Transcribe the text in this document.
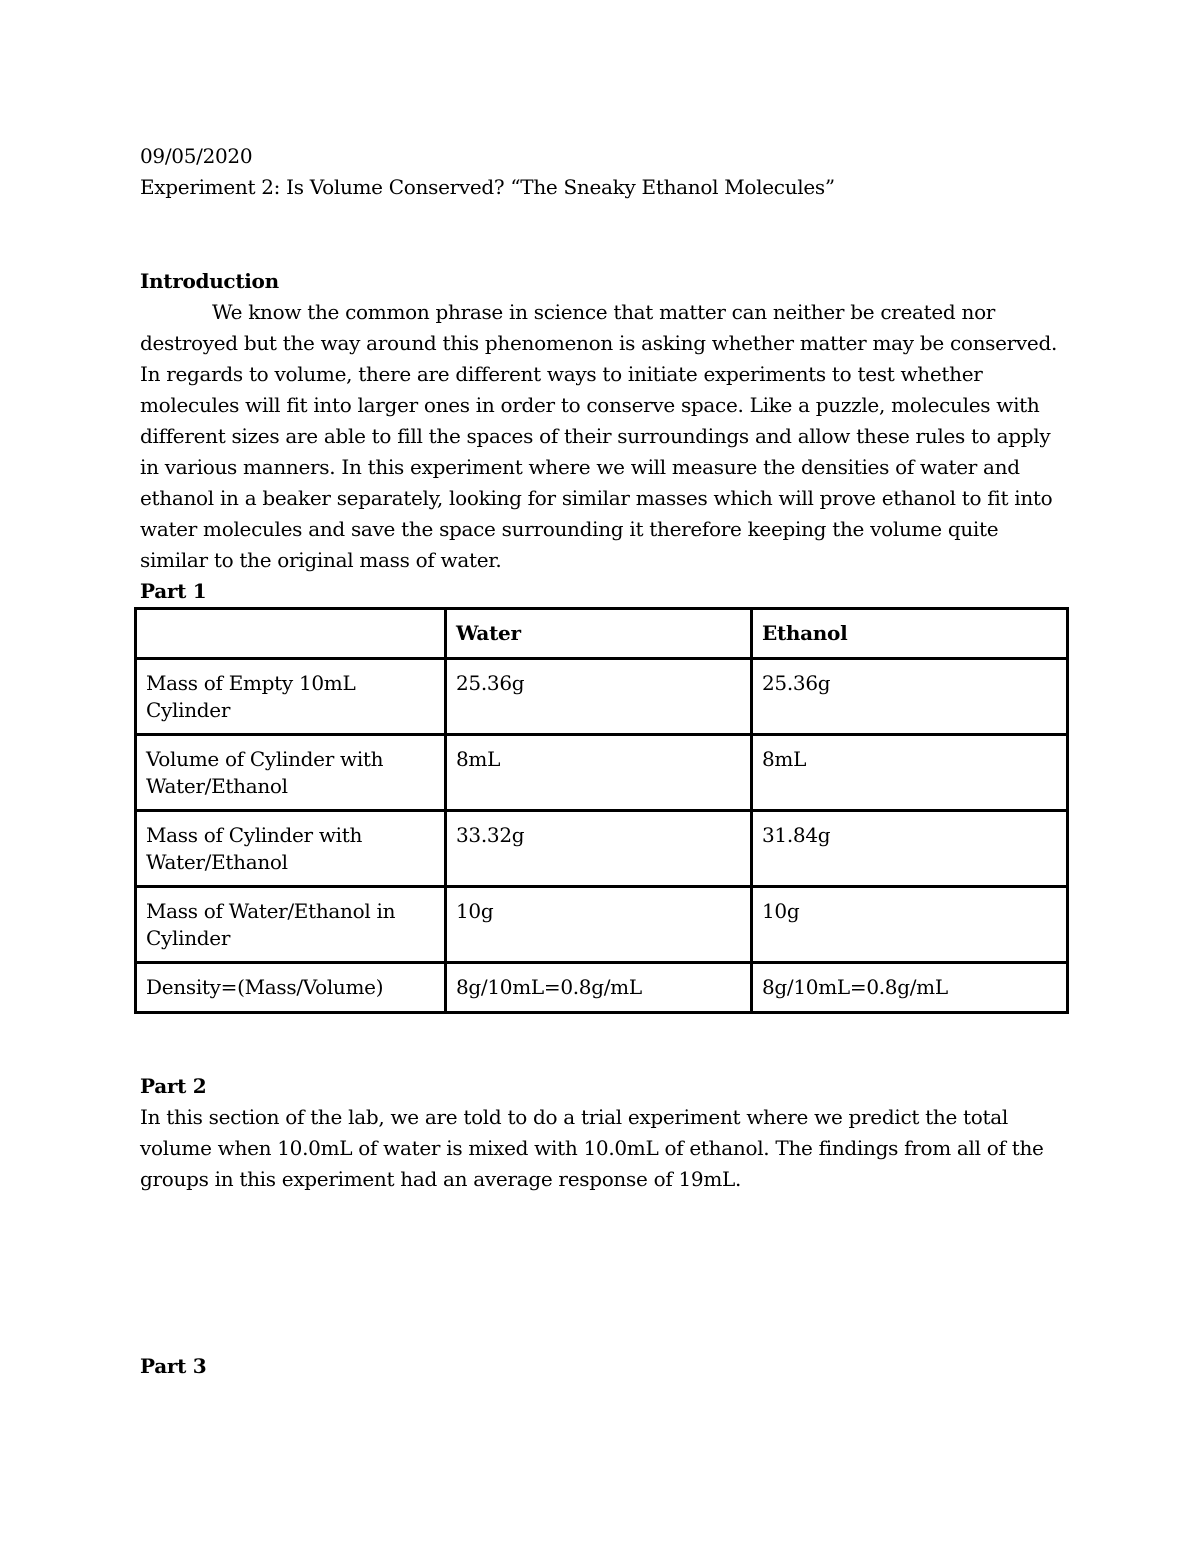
09/05/2020
Experiment 2: Is Volume Conserved? “The Sneaky Ethanol Molecules”
Introduction

We know the common phrase in science that matter can neither be created nor destroyed but the way around this phenomenon is asking whether matter may be conserved. In regards to volume, there are different ways to initiate experiments to test whether molecules will fit into larger ones in order to conserve space. Like a puzzle, molecules with different sizes are able to fill the spaces of their surroundings and allow these rules to apply in various manners. In this experiment where we will measure the densities of water and ethanol in a beaker separately, looking for similar masses which will prove ethanol to fit into water molecules and save the space surrounding it therefore keeping the volume quite similar to the original mass of water.

Part 1
	Water	Ethanol
Mass of Empty 10mL Cylinder	25.36g	25.36g
Volume of Cylinder with Water/Ethanol	8mL	8mL
Mass of Cylinder with Water/Ethanol	33.32g	31.84g
Mass of Water/Ethanol in Cylinder	10g	10g
Density=(Mass/Volume)	8g/10mL=0.8g/mL	8g/10mL=0.8g/mL
Part 2

In this section of the lab, we are told to do a trial experiment where we predict the total volume when 10.0mL of water is mixed with 10.0mL of ethanol. The findings from all of the groups in this experiment had an average response of 19mL.

Part 3
